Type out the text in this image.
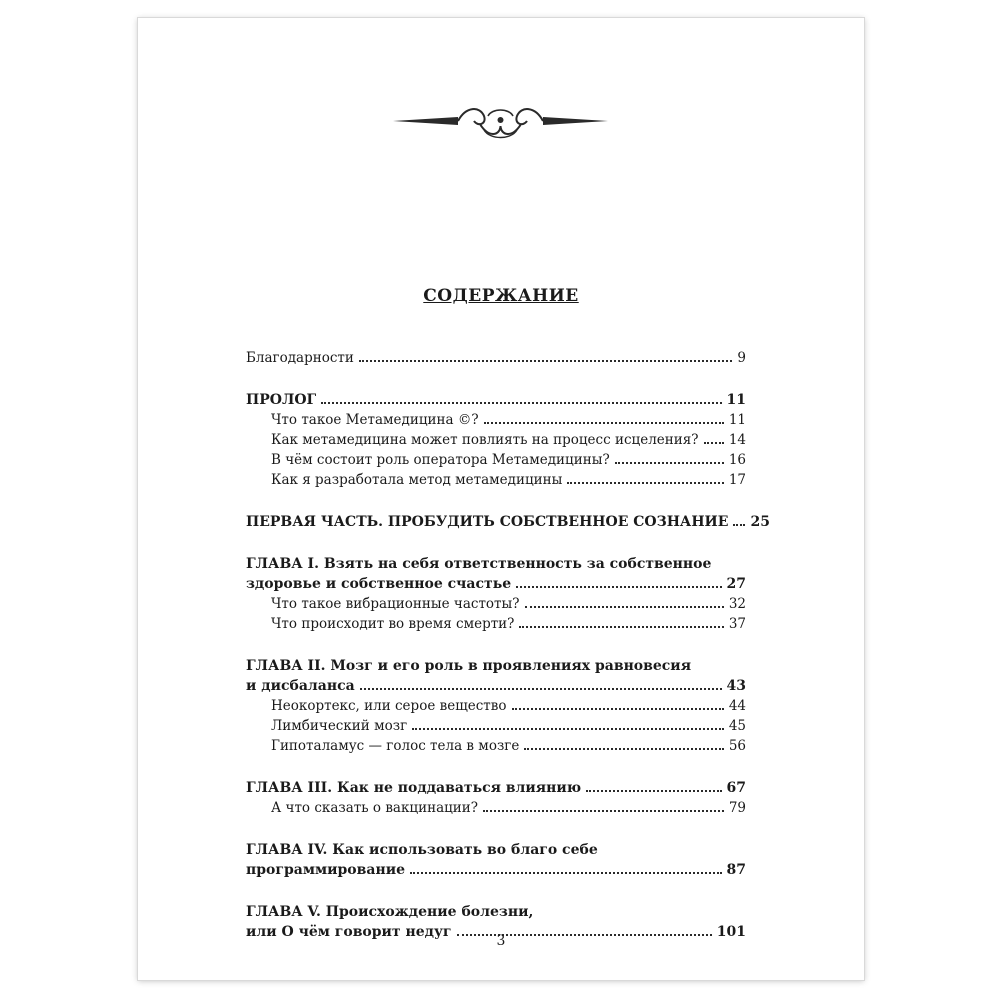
СОДЕРЖАНИЕ
Благодарности	9
ПРОЛОГ	11
Что такое Метамедицина ©?	11
Как метамедицина может повлиять на процесс исцеления? 14
В чём состоит роль оператора Метамедицины?	16
Как я разработала метод метамедицины	17
ПЕРВАЯ ЧАСТЬ. ПРОБУДИТЬ СОБСТВЕННОЕ СОЗНАНИЕ 25
ГЛАВА I. Взять на себя ответственность за собственное
здоровье и собственное счастье	27
Что такое вибрационные частоты?	32
Что происходит во время смерти?	37
ГЛАВА II. Мозг и его роль в проявлениях равновесия
и дисбаланса	43
Неокортекс, или серое вещество	44
Лимбический мозг	45
Гипоталамус — голос тела в мозге	56
ГЛАВА III. Как не поддаваться влиянию	67
А что сказать о вакцинации?	79
ГЛАВА IV. Как использовать во благо себе
программирование	87
ГЛАВА V. Происхождение болезни,
или О чём говорит недуг	101
3
